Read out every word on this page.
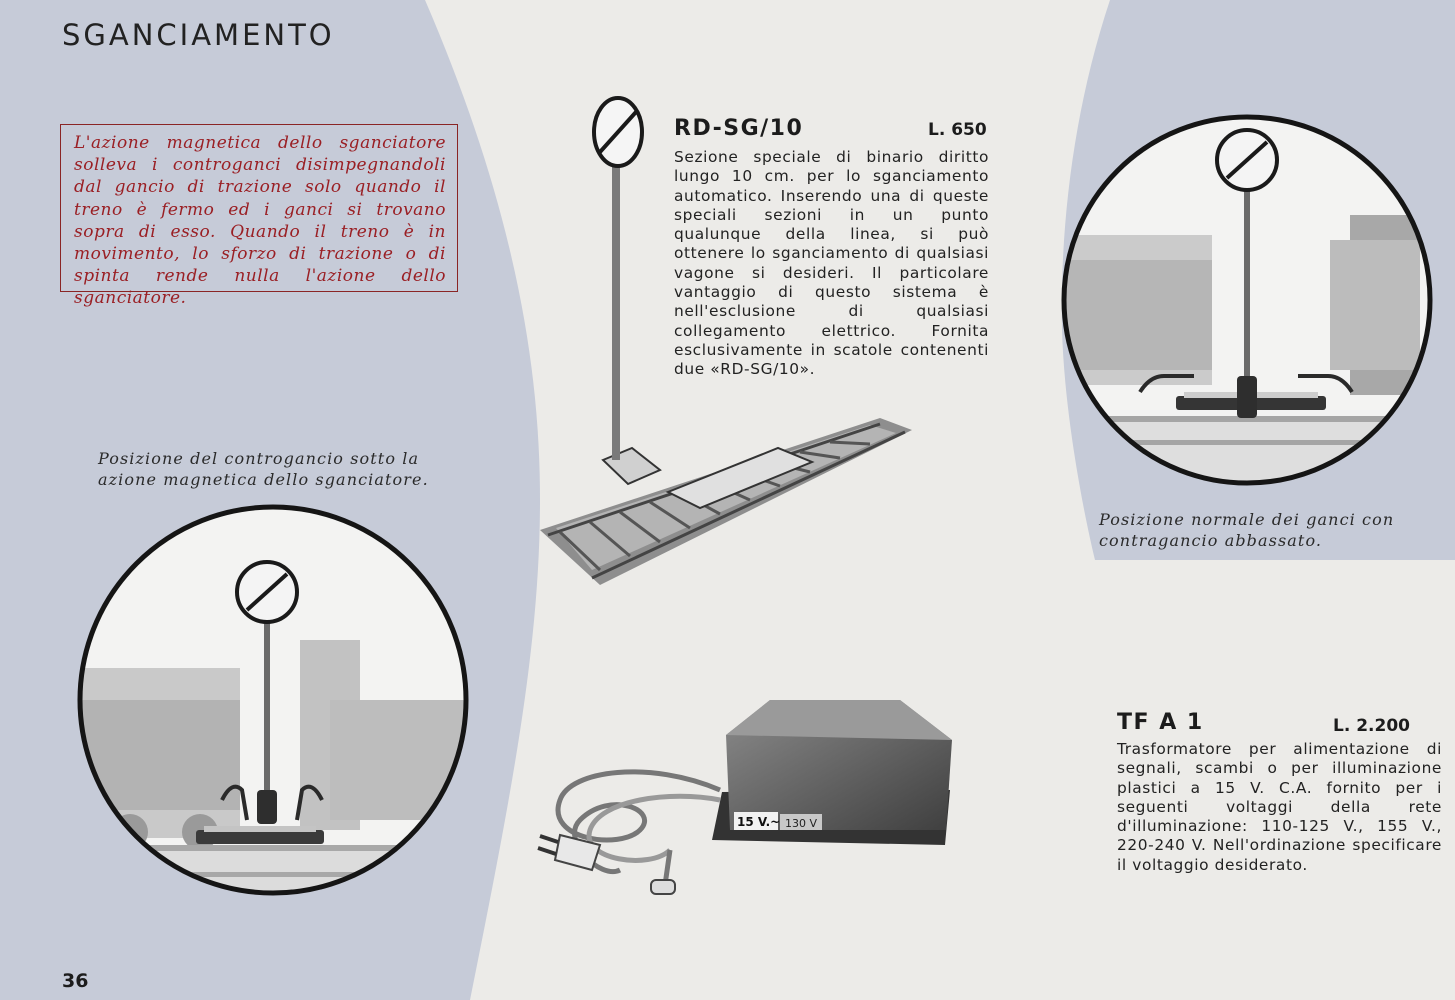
SGANCIAMENTO
L'azione magnetica dello sganciatore solleva i controganci disimpegnandoli dal gancio di trazione solo quando il treno è fermo ed i ganci si trovano sopra di esso. Quando il treno è in movimento, lo sforzo di trazione o di spinta rende nulla l'azione dello sganciatore.
Posizione del controgancio sotto la azione magnetica dello sganciatore.
Posizione normale dei ganci con contragancio abbassato.
15 V.~ 130 V
RD-SG/10	L. 650
Sezione speciale di binario diritto lungo 10 cm. per lo sganciamento automatico. Inserendo una di queste speciali sezioni in un punto qualunque della linea, si può ottenere lo sganciamento di qualsiasi vagone si desideri. Il particolare vantaggio di questo sistema è nell'esclusione di qualsiasi collegamento elettrico. Fornita esclusivamente in scatole contenenti due «RD-SG/10».
TF A 1	L. 2.200
Trasformatore per alimentazione di segnali, scambi o per illuminazione plastici a 15 V. C.A. fornito per i seguenti voltaggi della rete d'illuminazione: 110-125 V., 155 V., 220-240 V. Nell'ordinazione specificare il voltaggio desiderato.
36
